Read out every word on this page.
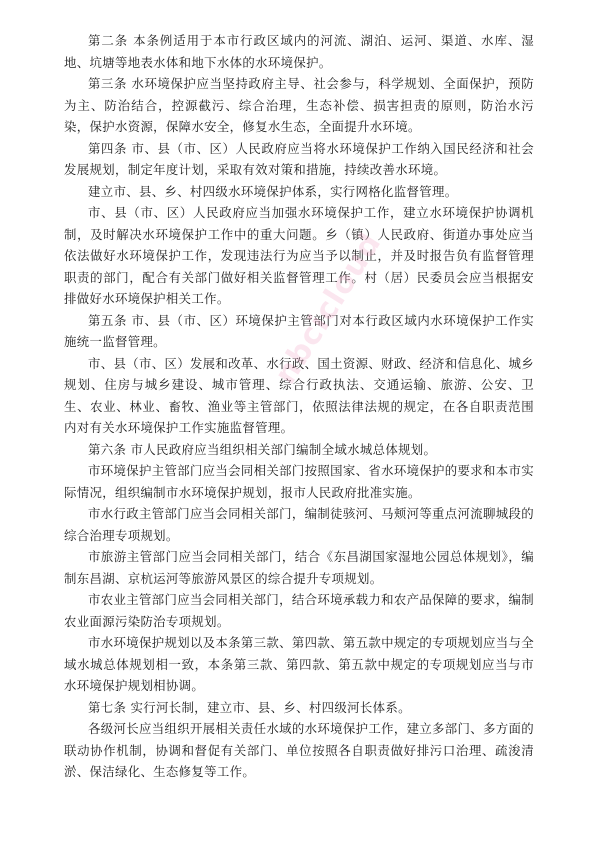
第二条 本条例适用于本市行政区域内的河流、湖泊、运河、渠道、水库、湿地、坑塘等地表水体和地下水体的水环境保护。

第三条 水环境保护应当坚持政府主导、社会参与，科学规划、全面保护，预防为主、防治结合，控源截污、综合治理，生态补偿、损害担责的原则，防治水污染，保护水资源，保障水安全，修复水生态，全面提升水环境。

第四条 市、县（市、区）人民政府应当将水环境保护工作纳入国民经济和社会发展规划，制定年度计划，采取有效对策和措施，持续改善水环境。

建立市、县、乡、村四级水环境保护体系，实行网格化监督管理。

市、县（市、区）人民政府应当加强水环境保护工作，建立水环境保护协调机制，及时解决水环境保护工作中的重大问题。乡（镇）人民政府、街道办事处应当依法做好水环境保护工作，发现违法行为应当予以制止，并及时报告负有监督管理职责的部门，配合有关部门做好相关监督管理工作。村（居）民委员会应当根据安排做好水环境保护相关工作。

第五条 市、县（市、区）环境保护主管部门对本行政区域内水环境保护工作实施统一监督管理。

市、县（市、区）发展和改革、水行政、国土资源、财政、经济和信息化、城乡规划、住房与城乡建设、城市管理、综合行政执法、交通运输、旅游、公安、卫生、农业、林业、畜牧、渔业等主管部门，依照法律法规的规定，在各自职责范围内对有关水环境保护工作实施监督管理。

第六条 市人民政府应当组织相关部门编制全域水城总体规划。

市环境保护主管部门应当会同相关部门按照国家、省水环境保护的要求和本市实际情况，组织编制市水环境保护规划，报市人民政府批准实施。

市水行政主管部门应当会同相关部门，编制徒骇河、马颊河等重点河流聊城段的综合治理专项规划。

市旅游主管部门应当会同相关部门，结合《东昌湖国家湿地公园总体规划》，编制东昌湖、京杭运河等旅游风景区的综合提升专项规划。

市农业主管部门应当会同相关部门，结合环境承载力和农产品保障的要求，编制农业面源污染防治专项规划。

市水环境保护规划以及本条第三款、第四款、第五款中规定的专项规划应当与全域水城总体规划相一致，本条第三款、第四款、第五款中规定的专项规划应当与市水环境保护规划相协调。

第七条 实行河长制，建立市、县、乡、村四级河长体系。

各级河长应当组织开展相关责任水域的水环境保护工作，建立多部门、多方面的联动协作机制，协调和督促有关部门、单位按照各自职责做好排污口治理、疏浚清淤、保洁绿化、生态修复等工作。

nbcicloud
